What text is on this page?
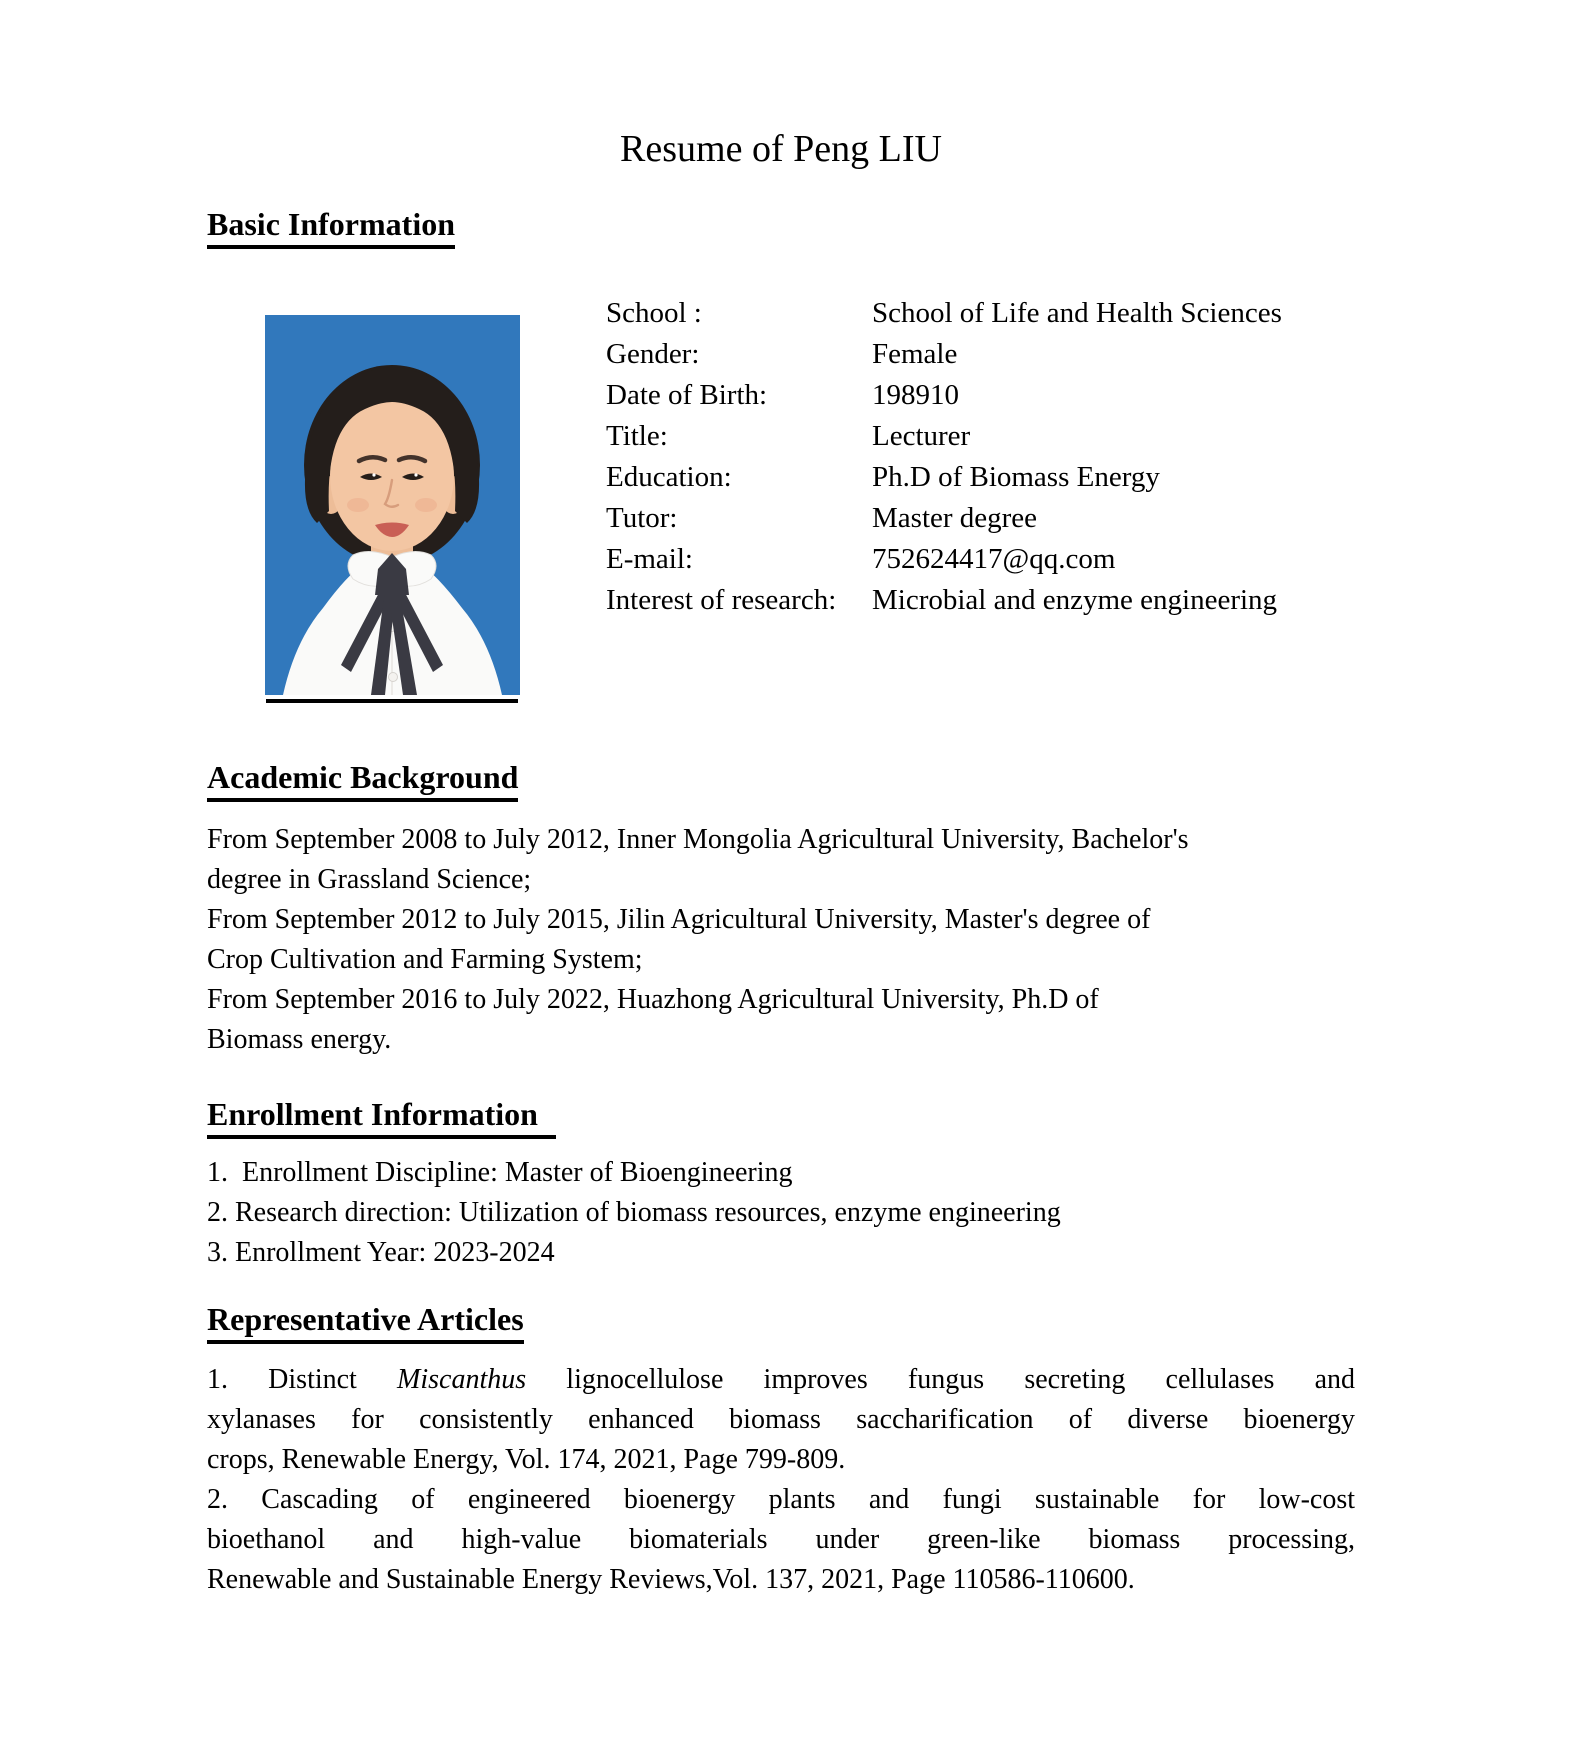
Resume of Peng LIU
Basic Information
School :	School of Life and Health Sciences
Gender:	Female
Date of Birth:	198910
Title:	Lecturer
Education:	Ph.D of Biomass Energy
Tutor:	Master degree
E-mail:	752624417@qq.com
Interest of research:	Microbial and enzyme engineering
Academic Background
From September 2008 to July 2012, Inner Mongolia Agricultural University, Bachelor's
degree in Grassland Science;
From September 2012 to July 2015, Jilin Agricultural University, Master's degree of
Crop Cultivation and Farming System;
From September 2016 to July 2022, Huazhong Agricultural University, Ph.D of
Biomass energy.
Enrollment Information
1.  Enrollment Discipline: Master of Bioengineering
2. Research direction: Utilization of biomass resources, enzyme engineering
3. Enrollment Year: 2023-2024
Representative Articles
1. Distinct Miscanthus lignocellulose improves fungus secreting cellulases and
xylanases for consistently enhanced biomass saccharification of diverse bioenergy
crops, Renewable Energy, Vol. 174, 2021, Page 799-809.
2. Cascading of engineered bioenergy plants and fungi sustainable for low-cost
bioethanol and high-value biomaterials under green-like biomass processing,
Renewable and Sustainable Energy Reviews,Vol. 137, 2021, Page 110586-110600.
